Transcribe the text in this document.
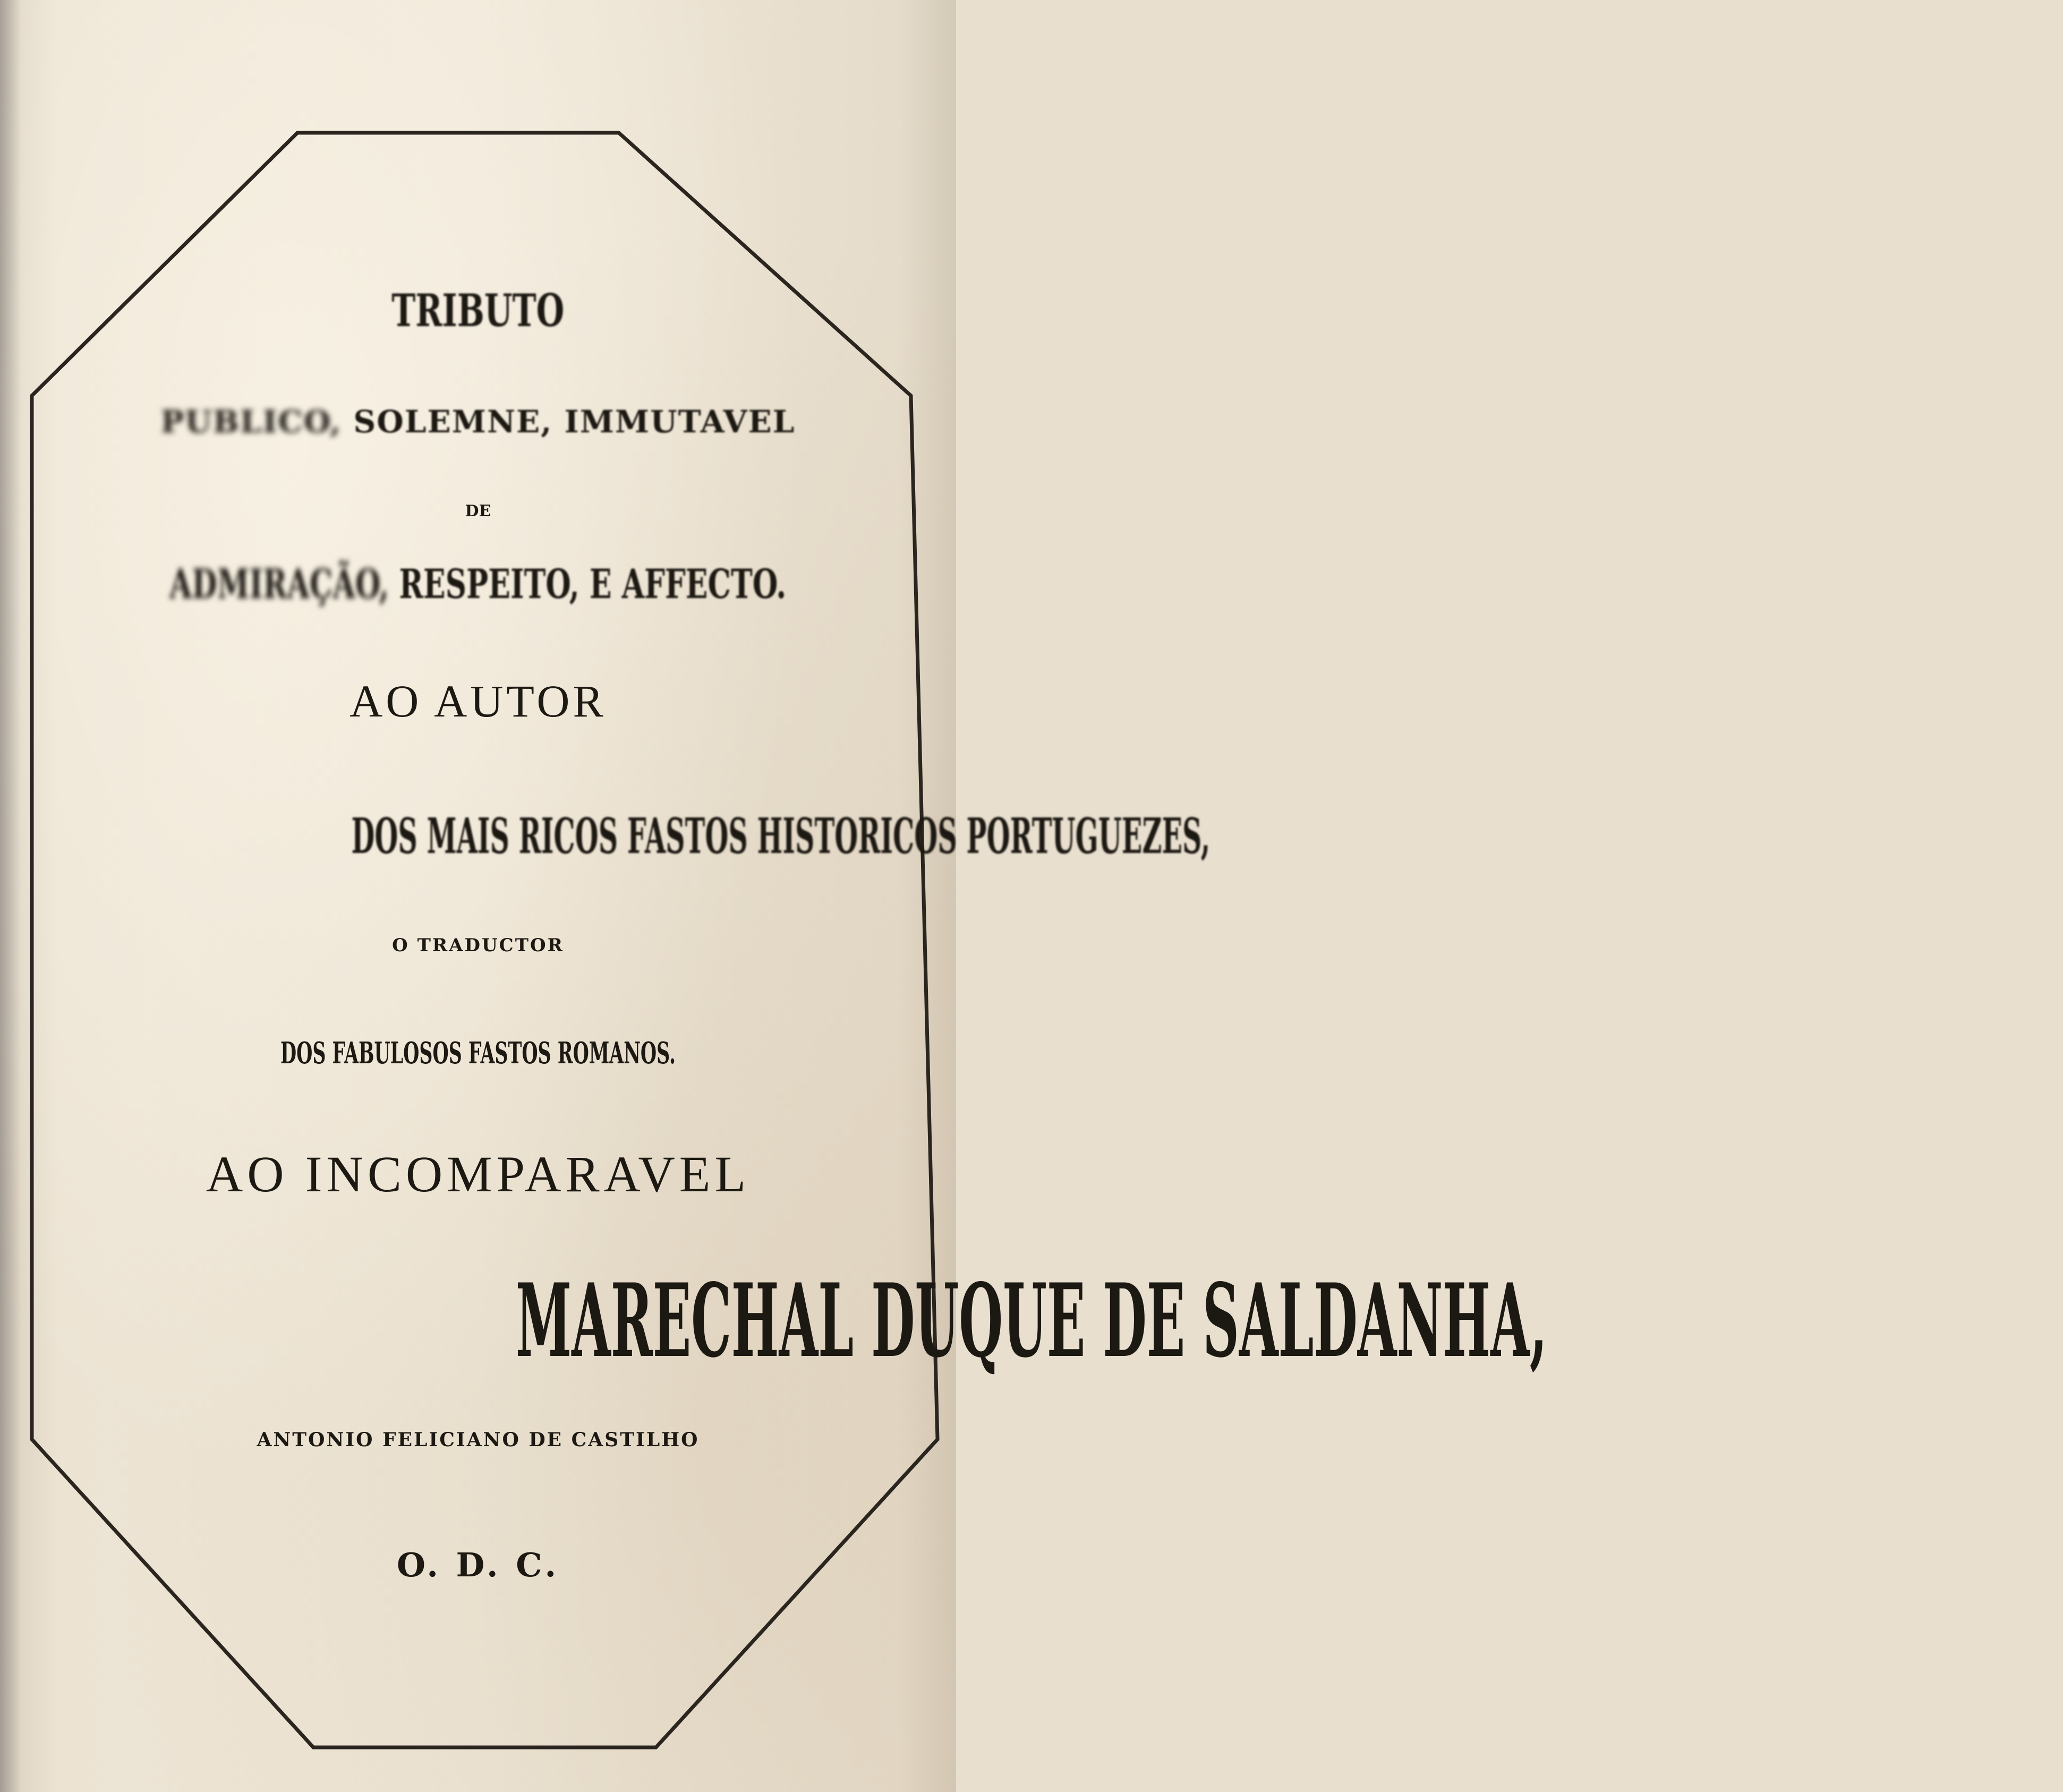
TRIBUTO
PUBLICO, SOLEMNE, IMMUTAVEL
DE
ADMIRAÇÃO, RESPEITO, E AFFECTO.
AO AUTOR
DOS MAIS RICOS FASTOS HISTORICOS PORTUGUEZES,
O TRADUCTOR
DOS FABULOSOS FASTOS ROMANOS.
AO INCOMPARAVEL
MARECHAL DUQUE DE SALDANHA,
ANTONIO FELICIANO DE CASTILHO
O. D. C.
